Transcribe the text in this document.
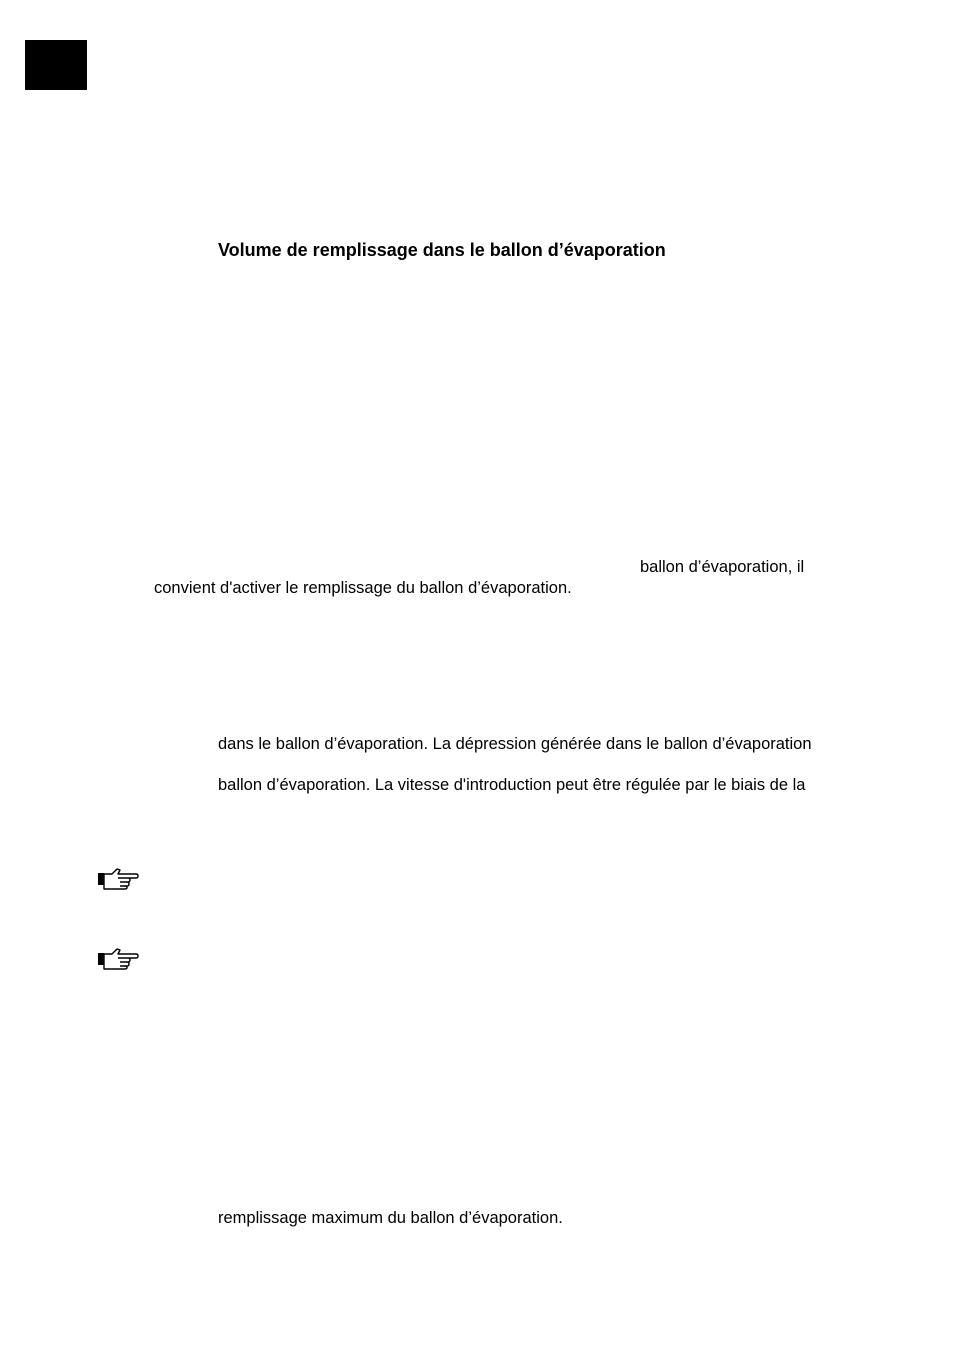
Volume de remplissage dans le ballon d’évaporation
ballon d’évaporation, il
convient d'activer le remplissage du ballon d’évaporation.
dans le ballon d’évaporation. La dépression générée dans le ballon d’évaporation
ballon d’évaporation. La vitesse d'introduction peut être régulée par le biais de la
remplissage maximum du ballon d’évaporation.
